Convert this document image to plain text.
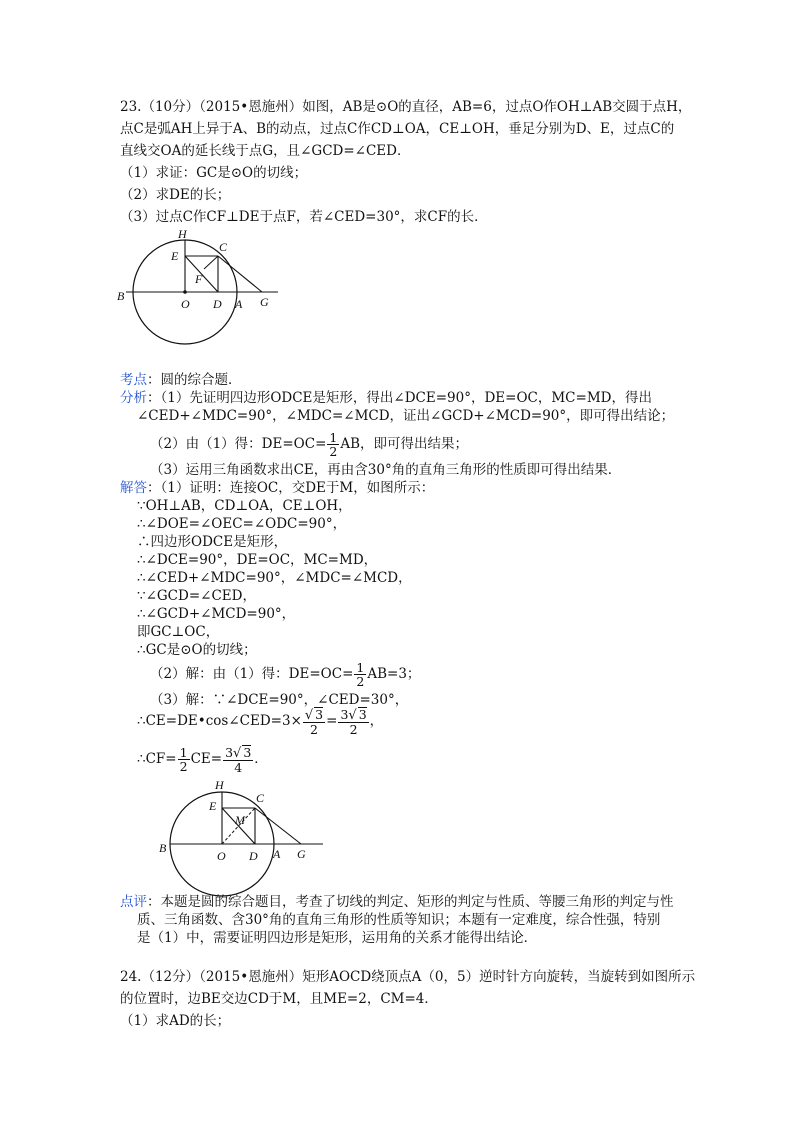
23.（10分）（2015•恩施州）如图，AB是⊙O的直径，AB=6，过点O作OH⊥AB交圆于点H，
点C是弧AH上异于A、B的动点，过点C作CD⊥OA，CE⊥OH，垂足分别为D、E，过点C的
直线交OA的延长线于点G，且∠GCD=∠CED．
（1）求证：GC是⊙O的切线；
（2）求DE的长；
（3）过点C作CF⊥DE于点F，若∠CED=30°，求CF的长．
H
E
C
F
B
O D A G
考点：圆的综合题．
分析：（1）先证明四边形ODCE是矩形，得出∠DCE=90°，DE=OC，MC=MD，得出
∠CED+∠MDC=90°，∠MDC=∠MCD，证出∠GCD+∠MCD=90°，即可得出结论；
（2）由（1）得：$DE=OC= \frac{1}{2}$ AB，即可得出结果；
（3）运用三角函数求出CE，再由含30°角的直角三角形的性质即可得出结果．
解答：（1）证明：连接OC，交DE于M，如图所示：
∵OH⊥AB，CD⊥OA，CE⊥OH，
∴∠DOE=∠OEC=∠ODC=90°，
∴四边形ODCE是矩形，
∴∠DCE=90°，DE=OC，MC=MD，
∴∠CED+∠MDC=90°，∠MDC=∠MCD，
∵∠GCD=∠CED，
∴∠GCD+∠MCD=90°，
即GC⊥OC，
∴GC是⊙O的切线；
（2）解：由（1）得：$DE=OC= \frac{1}{2} AB=3$；
（3）解：∵∠DCE=90°，∠CED=30°，
∴CE=DE•cos∠CED=3× $\frac{√ 3}{2} = \frac{3√ 3}{2}$ ，
∴CF= $\frac{1}{2} CE= \frac{3√ 3}{4}$ ．
H
E
C
M
B
O D A G
点评：本题是圆的综合题目，考查了切线的判定、矩形的判定与性质、等腰三角形的判定与性
质、三角函数、含30°角的直角三角形的性质等知识；本题有一定难度，综合性强，特别
是（1）中，需要证明四边形是矩形，运用角的关系才能得出结论．
24.（12分）（2015•恩施州）矩形AOCD绕顶点A（0，5）逆时针方向旋转，当旋转到如图所示
的位置时，边BE交边CD于M，且ME=2，CM=4．
（1）求AD的长；
